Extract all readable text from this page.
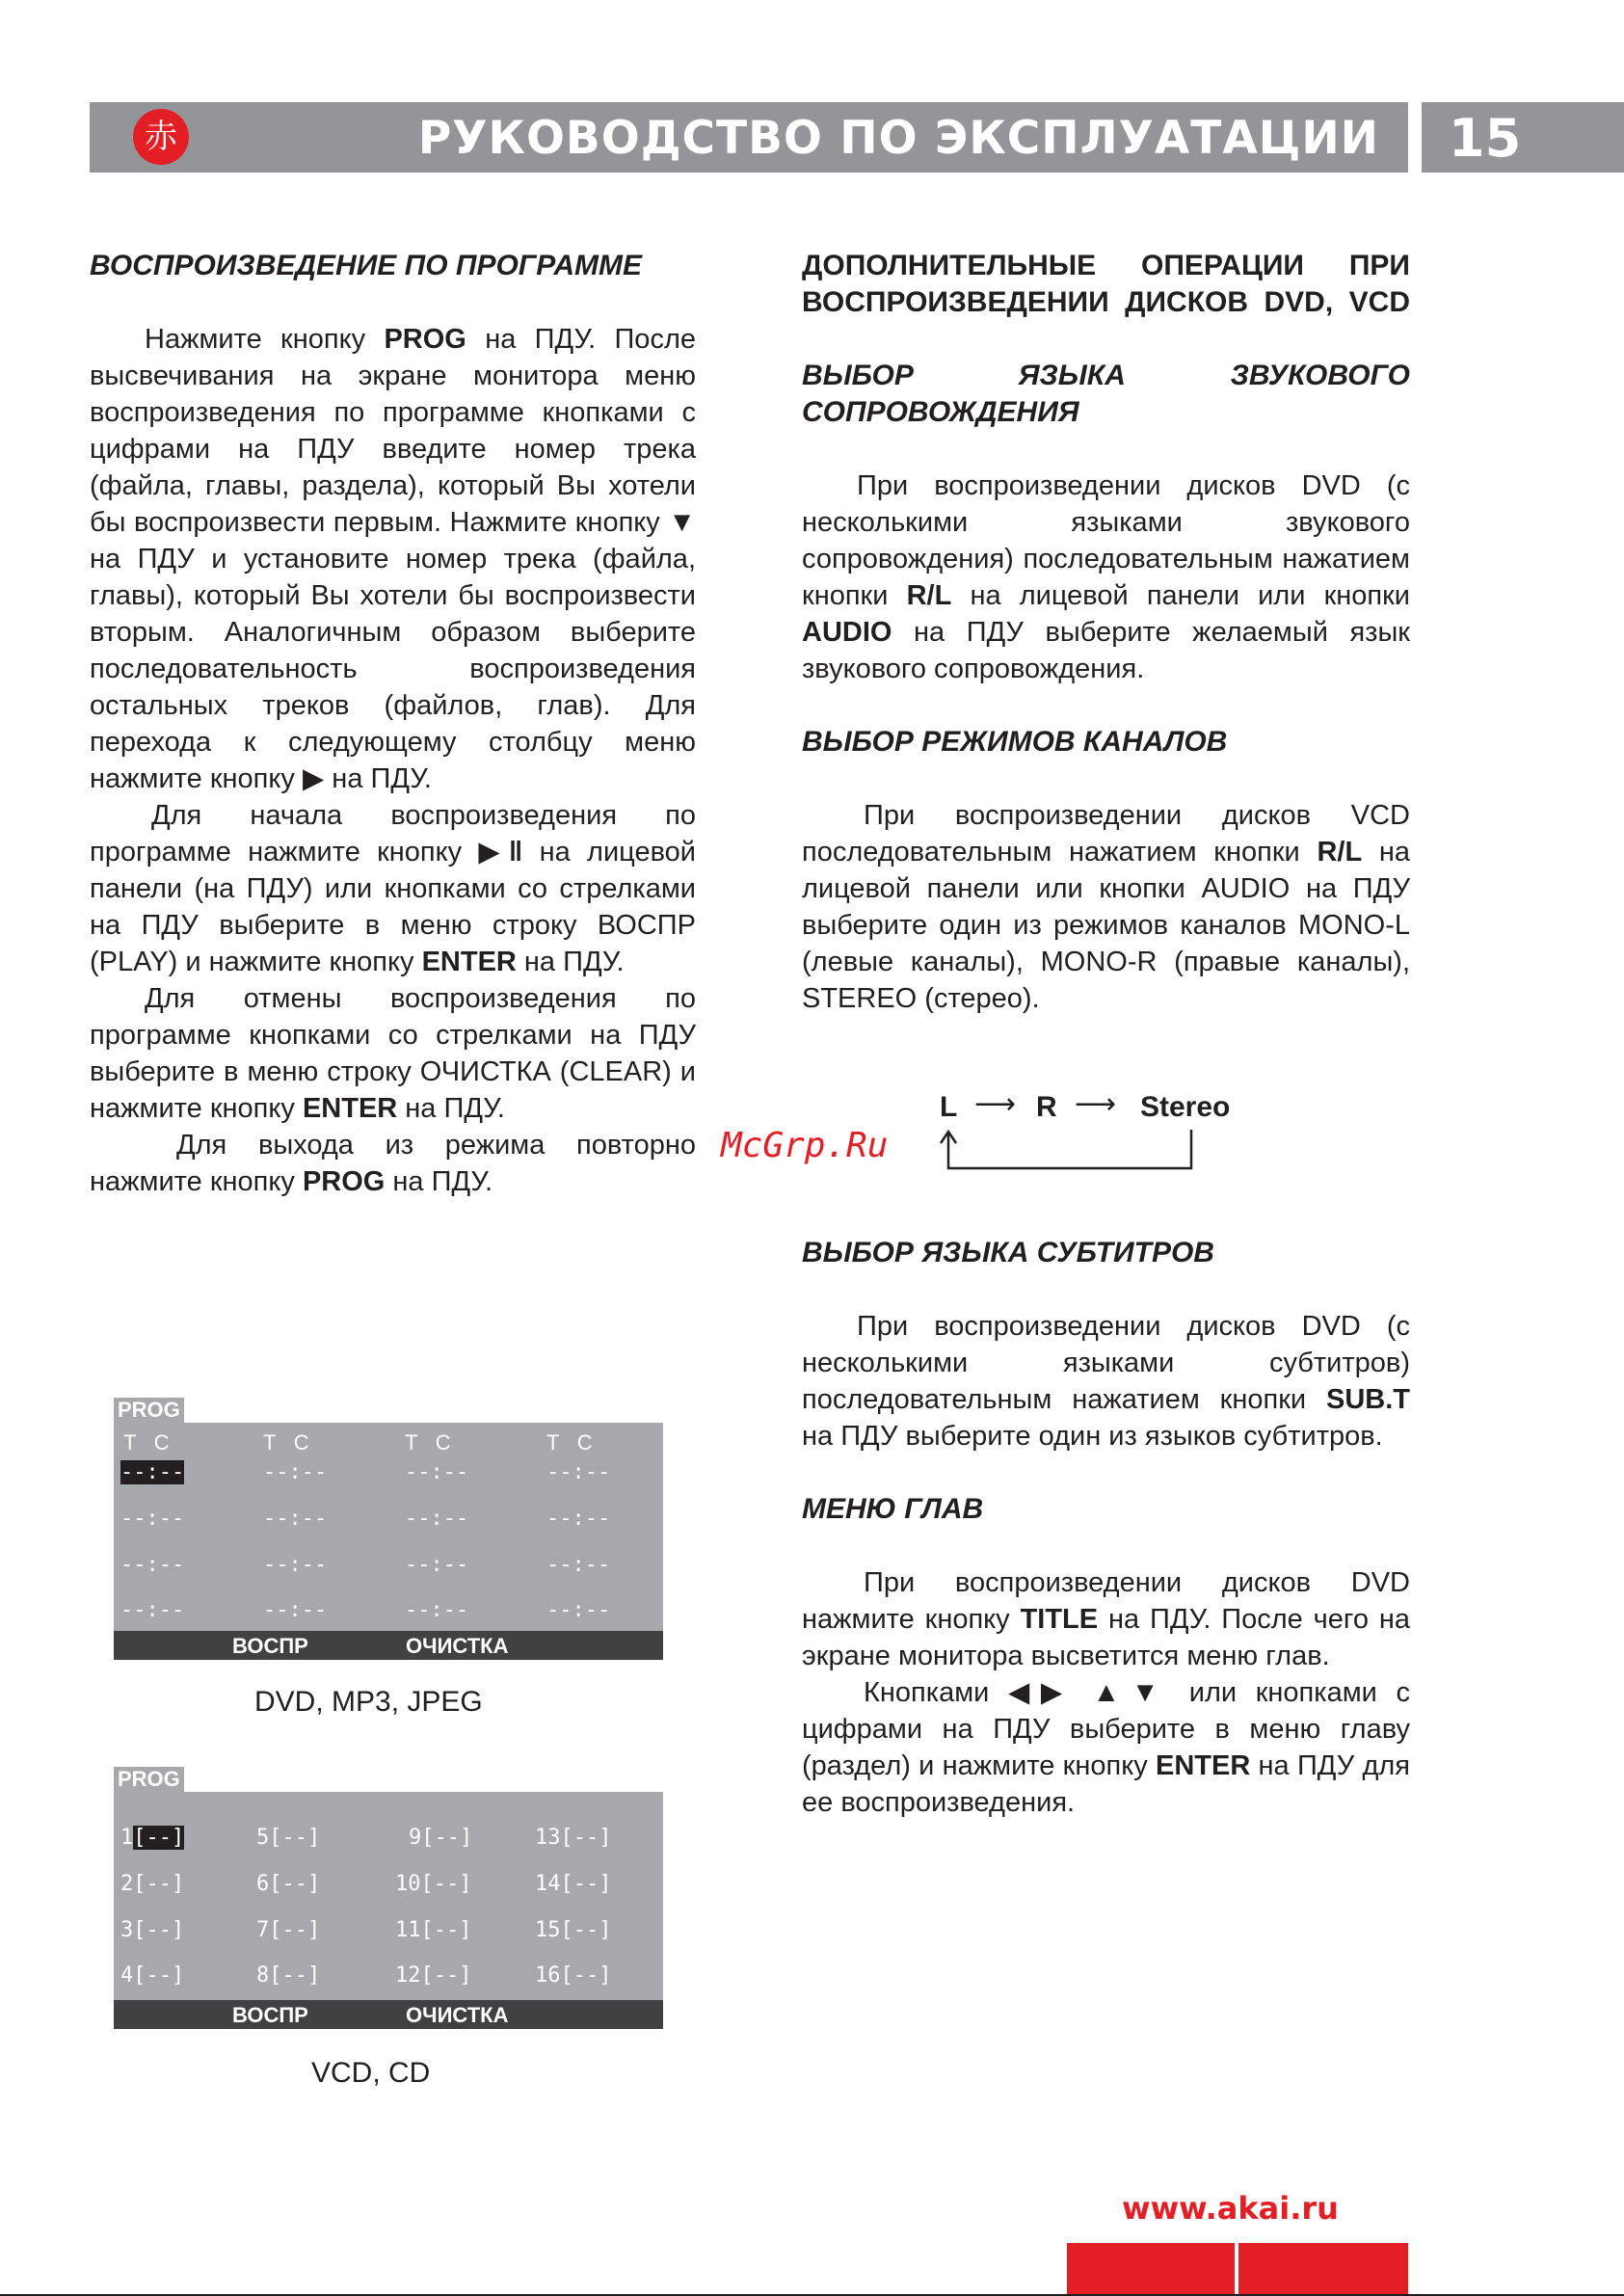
赤	РУКОВОДСТВО ПО ЭКСПЛУАТАЦИИ 15
ВОСПРОИЗВЕДЕНИЕ ПО ПРОГРАММЕ

Нажмите кнопку PROG на ПДУ. После высвечивания на экране монитора меню воспроизведения по программе кнопками с цифрами на ПДУ введите номер трека (файла, главы, раздела), который Вы хотели бы воспроизвести первым. Нажмите кнопку ▼ на ПДУ и установите номер трека (файла, главы), который Вы хотели бы воспроизвести вторым. Аналогичным образом выберите последовательность воспроизведения остальных треков (файлов, глав). Для перехода к следующему столбцу меню нажмите кнопку ▶ на ПДУ.

Для начала воспроизведения по программе нажмите кнопку ▶‖ на лицевой панели (на ПДУ) или кнопками со стрелками на ПДУ выберите в меню строку ВОСПР (PLAY) и нажмите кнопку ENTER на ПДУ.

Для отмены воспроизведения по программе кнопками со стрелками на ПДУ выберите в меню строку ОЧИСТКА (CLEAR) и нажмите кнопку ENTER на ПДУ.

Для выхода из режима повторно нажмите кнопку PROG на ПДУ.

PROG
T C	T C	T C	T C
--:--	--:--	--:--	--:--
--:--	--:--	--:--	--:--
--:--	--:--	--:--	--:--
--:--	--:--	--:--	--:--
ВОСПР	ОЧИСТКА
DVD, MP3, JPEG
PROG
1[--]	5[--]	9[--]	13[--]
2[--]	6[--]	10[--]	14[--]
3[--]	7[--]	11[--]	15[--]
4[--]	8[--]	12[--]	16[--]
ВОСПР	ОЧИСТКА
VCD, CD
ДОПОЛНИТЕЛЬНЫЕ ОПЕРАЦИИ ПРИ ВОСПРОИЗВЕДЕНИИ ДИСКОВ DVD, VCD
ВЫБОР ЯЗЫКА ЗВУКОВОГО СОПРОВОЖДЕНИЯ

При воспроизведении дисков DVD (с несколькими языками звукового сопровождения) последовательным нажатием кнопки R/L на лицевой панели или кнопки AUDIO на ПДУ выберите желаемый язык звукового сопровождения.

ВЫБОР РЕЖИМОВ КАНАЛОВ

При воспроизведении дисков VCD последовательным нажатием кнопки R/L на лицевой панели или кнопки AUDIO на ПДУ выберите один из режимов каналов MONO-L (левые каналы), MONO-R (правые каналы), STEREO (стерео).

L ⟶ R ⟶ Stereo
ВЫБОР ЯЗЫКА СУБТИТРОВ

При воспроизведении дисков DVD (с несколькими языками субтитров) последовательным нажатием кнопки SUB.T на ПДУ выберите один из языков субтитров.

МЕНЮ ГЛАВ

При воспроизведении дисков DVD нажмите кнопку TITLE на ПДУ. После чего на экране монитора высветится меню глав.

Кнопками ◀▶ ▲▼ или кнопками с цифрами на ПДУ выберите в меню главу (раздел) и нажмите кнопку ENTER на ПДУ для ее воспроизведения.

McGrp.Ru
www.akai.ru
